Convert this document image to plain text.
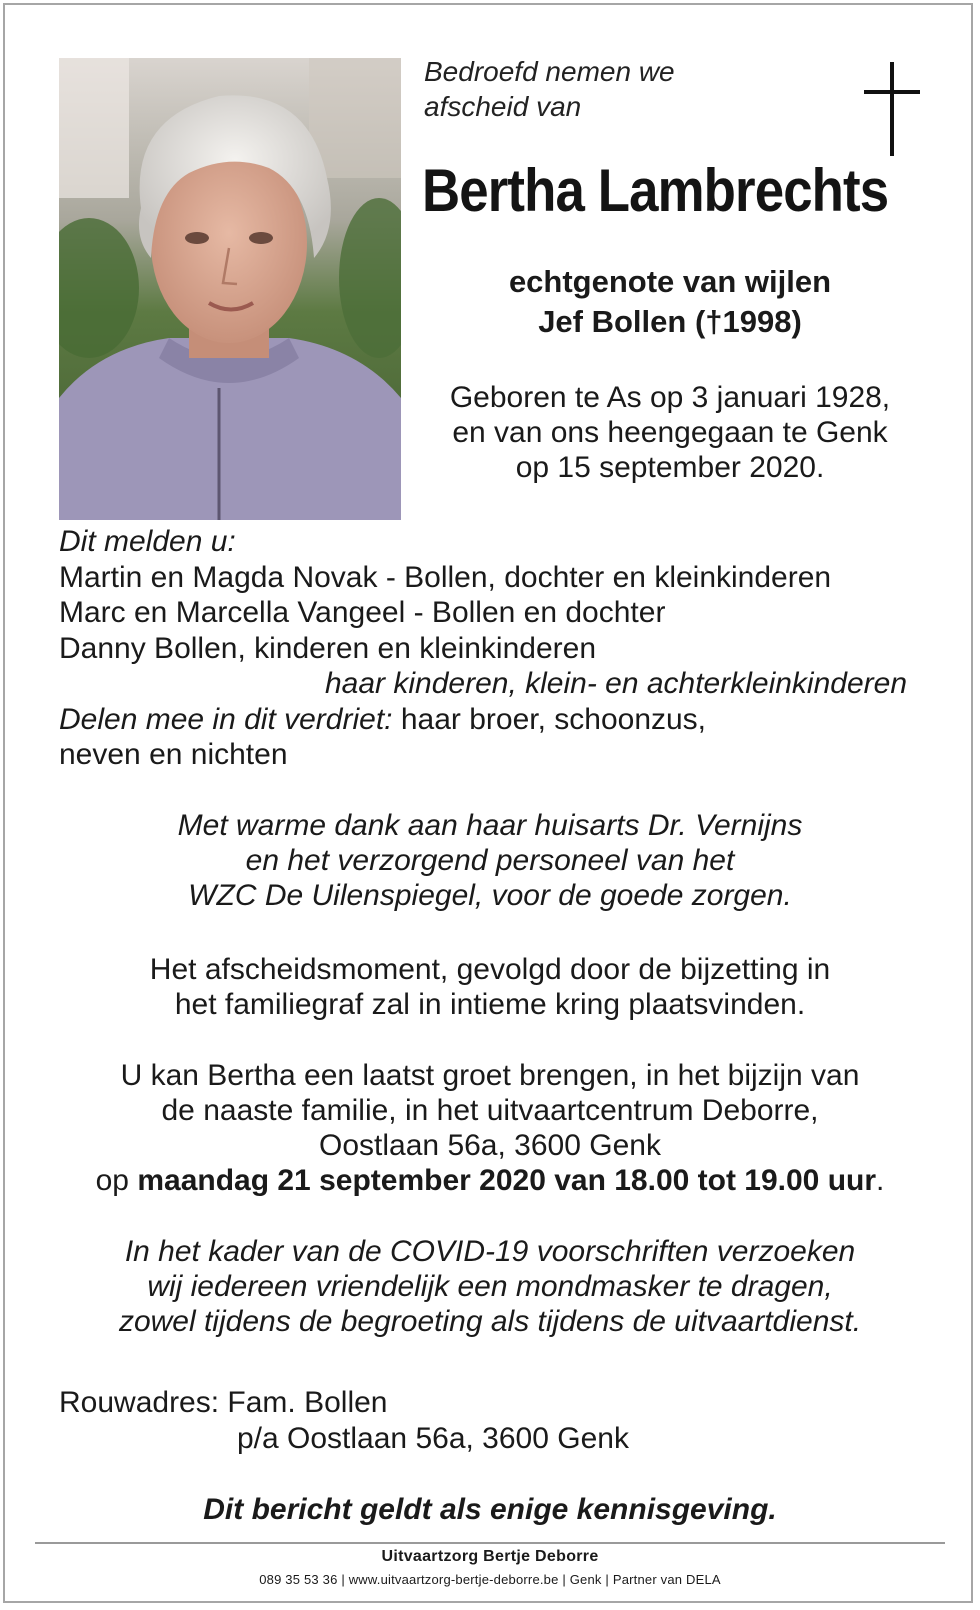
Bedroefd nemen we
afscheid van
Bertha Lambrechts
echtgenote van wijlen
Jef Bollen (†1998)
Geboren te As op 3 januari 1928,
en van ons heengegaan te Genk
op 15 september 2020.
Dit melden u:
Martin en Magda Novak - Bollen, dochter en kleinkinderen
Marc en Marcella Vangeel - Bollen en dochter
Danny Bollen, kinderen en kleinkinderen
haar kinderen, klein- en achterkleinkinderen
Delen mee in dit verdriet: haar broer, schoonzus,
neven en nichten
Met warme dank aan haar huisarts Dr. Vernijns
en het verzorgend personeel van het
WZC De Uilenspiegel, voor de goede zorgen.
Het afscheidsmoment, gevolgd door de bijzetting in
het familiegraf zal in intieme kring plaatsvinden.
U kan Bertha een laatst groet brengen, in het bijzijn van
de naaste familie, in het uitvaartcentrum Deborre,
Oostlaan 56a, 3600 Genk
op maandag 21 september 2020 van 18.00 tot 19.00 uur.
In het kader van de COVID-19 voorschriften verzoeken
wij iedereen vriendelijk een mondmasker te dragen,
zowel tijdens de begroeting als tijdens de uitvaartdienst.
Rouwadres: Fam. Bollen
p/a Oostlaan 56a, 3600 Genk
Dit bericht geldt als enige kennisgeving.
Uitvaartzorg Bertje Deborre
089 35 53 36 | www.uitvaartzorg-bertje-deborre.be | Genk | Partner van DELA
